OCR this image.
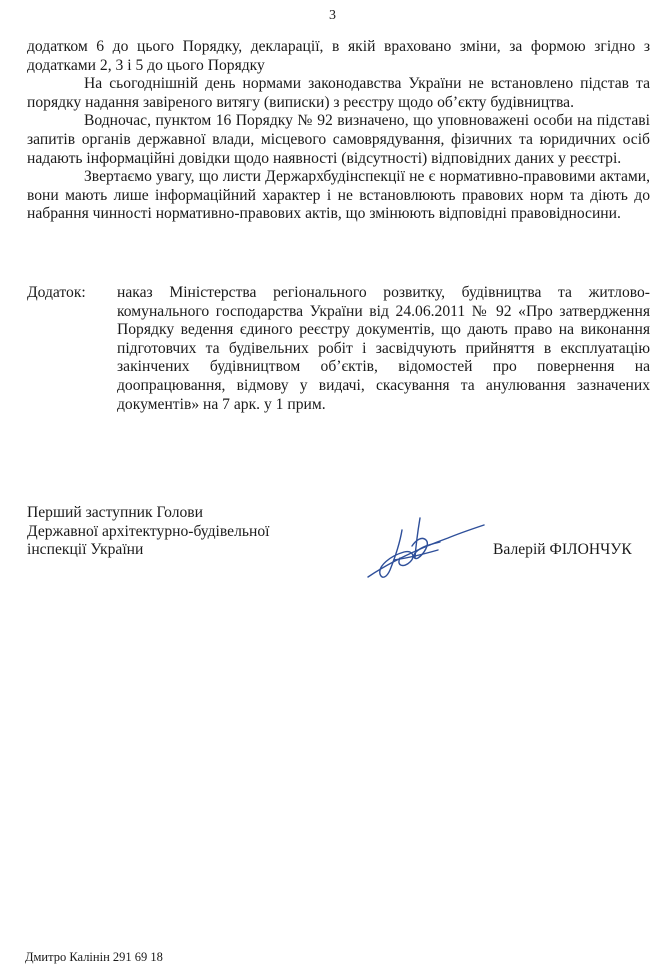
3

додатком 6 до цього Порядку, декларації, в якій враховано зміни, за формою згідно з додатками 2, 3 і 5 до цього Порядку

На сьогоднішній день нормами законодавства України не встановлено підстав та порядку надання завіреного витягу (виписки) з реєстру щодо об’єкту будівництва.

Водночас, пунктом 16 Порядку № 92 визначено, що уповноважені особи на підставі запитів органів державної влади, місцевого самоврядування, фізичних та юридичних осіб надають інформаційні довідки щодо наявності (відсутності) відповідних даних у реєстрі.

Звертаємо увагу, що листи Держархбудінспекції не є нормативно-правовими актами, вони мають лише інформаційний характер і не встановлюють правових норм та діють до набрання чинності нормативно-правових актів, що змінюють відповідні правовідносини.

Додаток: наказ Міністерства регіонального розвитку, будівництва та житлово-комунального господарства України від 24.06.2011 № 92 «Про затвердження Порядку ведення єдиного реєстру документів, що дають право на виконання підготовчих та будівельних робіт і засвідчують прийняття в експлуатацію закінчених будівництвом об’єктів, відомостей про повернення на доопрацювання, відмову у видачі, скасування та анулювання зазначених документів» на 7 арк. у 1 прим.

Перший заступник Голови
Державної архітектурно-будівельної
інспекції України	Валерій ФІЛОНЧУК
Дмитро Калінін 291 69 18
